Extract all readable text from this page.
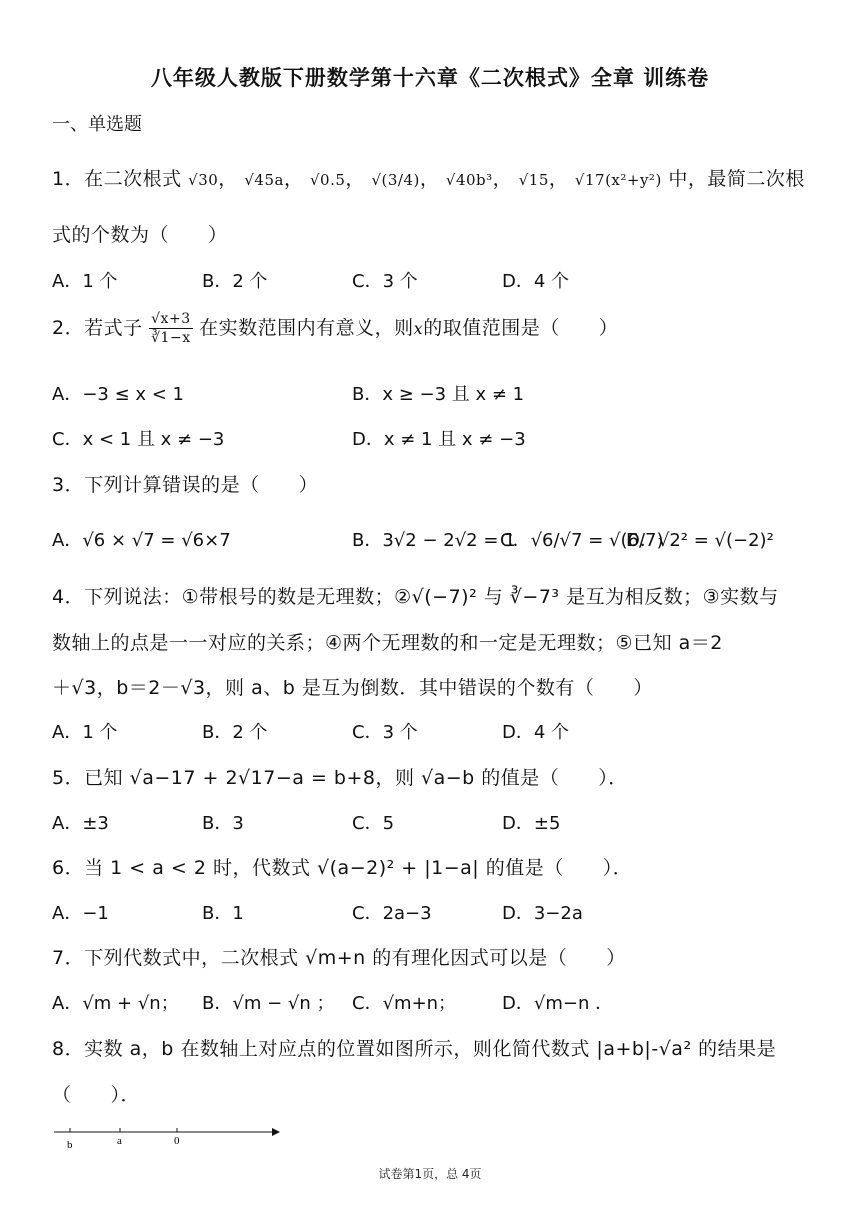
八年级人教版下册数学第十六章《二次根式》全章 训练卷
一、单选题
1．在二次根式 √30， √45a， √0.5， √(3/4)， √40b³， √15， √17(x²+y²) 中，最简二次根
式的个数为（　　）
A．1 个	B．2 个	C．3 个	D．4 个
2．若式子 $\frac{√x+3}{∛1-x}$ 在实数范围内有意义，则x的取值范围是（　　）
A．−3 ≤ x < 1	B．x ≥ −3 且 x ≠ 1
C．x < 1 且 x ≠ −3	D．x ≠ 1 且 x ≠ −3
3．下列计算错误的是（　　）
A．√6 × √7 = √6×7	B．3√2 − 2√2 = 1
C．√6/√7 = √(6/7)
D．√2² = √(−2)²
4．下列说法：①带根号的数是无理数；②√(−7)² 与 ∛−7³ 是互为相反数；③实数与
数轴上的点是一一对应的关系；④两个无理数的和一定是无理数；⑤已知 a＝2
＋√3，b＝2－√3，则 a、b 是互为倒数．其中错误的个数有（　　）
A．1 个	B．2 个	C．3 个	D．4 个
5．已知 √a−17 + 2√17−a = b+8，则 √a−b 的值是（　　）．
A．±3	B．3	C．5	D．±5
6．当 1 < a < 2 时，代数式 √(a−2)² + |1−a| 的值是（　　）．
A．−1	B．1	C．2a−3	D．3−2a
7．下列代数式中，二次根式 √m+n 的有理化因式可以是（　　）
A．√m + √n； B．√m − √n ； C．√m+n；	D．√m−n ．
8．实数 a，b 在数轴上对应点的位置如图所示，则化简代数式 |a+b|-√a² 的结果是
（　　）．
b	a	0
试卷第1页，总 4页
